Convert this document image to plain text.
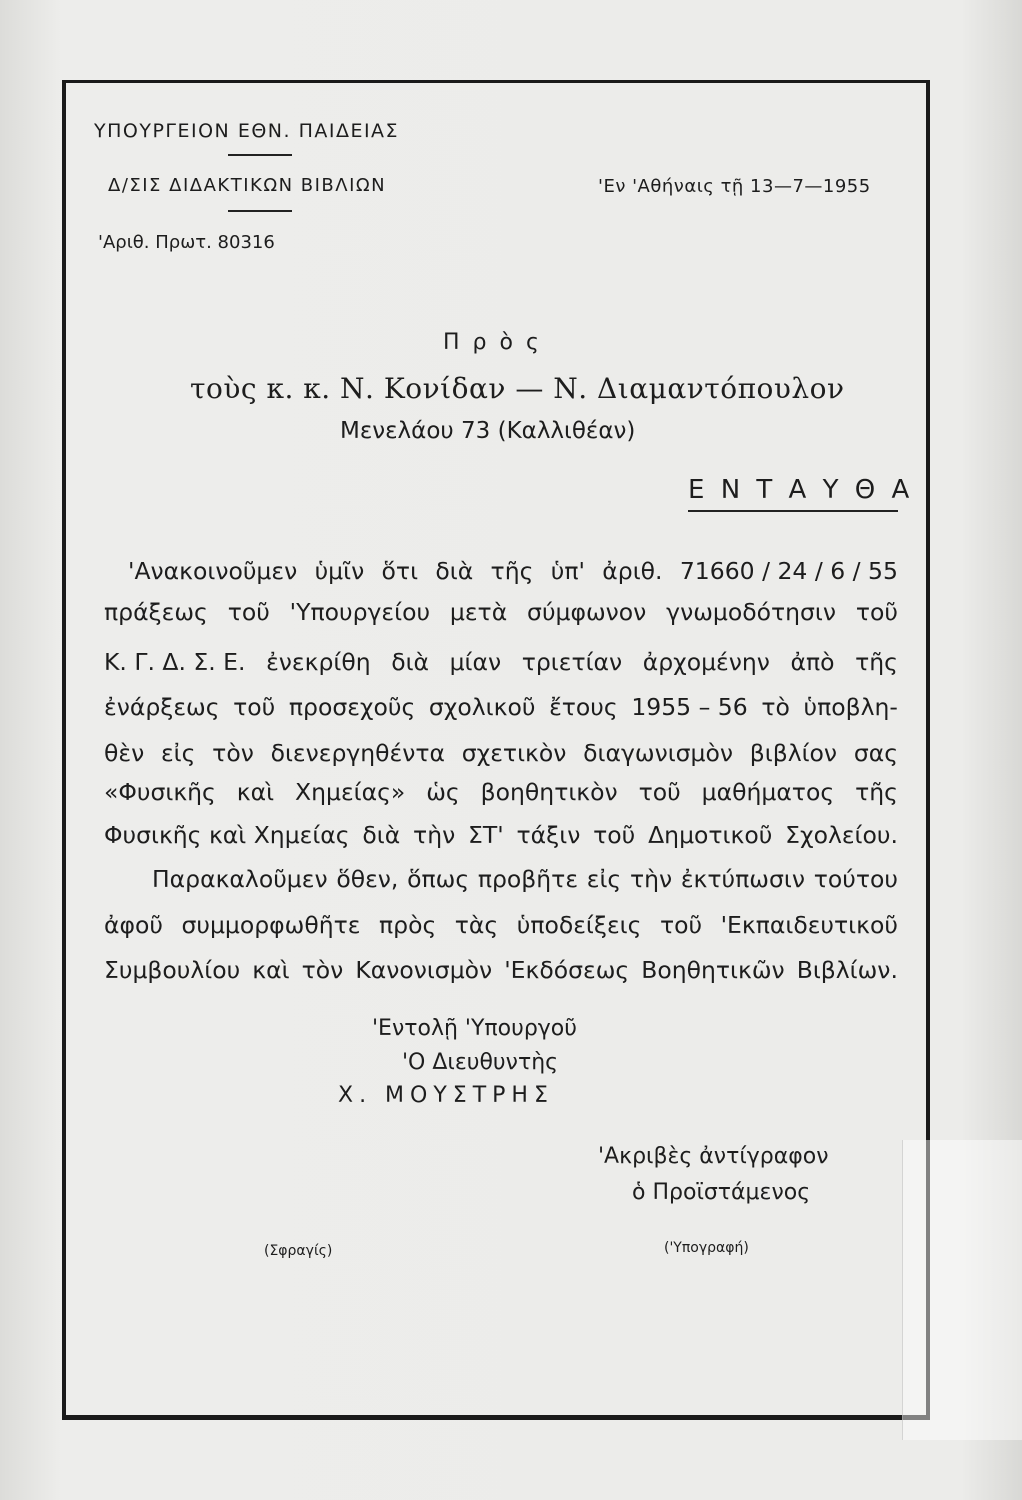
ΥΠΟΥΡΓΕΙΟΝ ΕΘΝ. ΠΑΙΔΕΙΑΣ
Δ/ΣΙΣ ΔΙΔΑΚΤΙΚΩΝ ΒΙΒΛΙΩΝ
'Αριθ. Πρωτ. 80316
'Εν 'Αθήναις τῇ 13—7—1955
Π ρ ὸ ς
τοὺς κ. κ. Ν. Κονίδαν — Ν. Διαμαντόπουλον
Μενελάου 73 (Καλλιθέαν)
Ε Ν Τ Α Υ Θ Α
'Ανακοινοῦμεν ὑμῖν ὅτι διὰ τῆς ὑπ' ἀριθ. 71660 / 24 / 6 / 55
πράξεως τοῦ 'Υπουργείου μετὰ σύμφωνον γνωμοδότησιν τοῦ
Κ. Γ. Δ. Σ. Ε. ἐνεκρίθη διὰ μίαν τριετίαν ἀρχομένην ἀπὸ τῆς
ἐνάρξεως τοῦ προσεχοῦς σχολικοῦ ἔτους 1955 – 56 τὸ ὑποβλη-
θὲν εἰς τὸν διενεργηθέντα σχετικὸν διαγωνισμὸν βιβλίον σας
«Φυσικῆς καὶ Χημείας» ὡς βοηθητικὸν τοῦ μαθήματος τῆς
Φυσικῆς καὶ Χημείας διὰ τὴν ΣΤ' τάξιν τοῦ Δημοτικοῦ Σχολείου.
Παρακαλοῦμεν ὅθεν, ὅπως προβῆτε εἰς τὴν ἐκτύπωσιν τούτου
ἀφοῦ συμμορφωθῆτε πρὸς τὰς ὑποδείξεις τοῦ 'Εκπαιδευτικοῦ
Συμβουλίου καὶ τὸν Κανονισμὸν 'Εκδόσεως Βοηθητικῶν Βιβλίων.
'Εντολῇ 'Υπουργοῦ
'Ο Διευθυντὴς
Χ. ΜΟΥΣΤΡΗΣ
'Ακριβὲς ἀντίγραφον
ὁ Προϊστάμενος
(Σφραγίς)	('Υπογραφή)
